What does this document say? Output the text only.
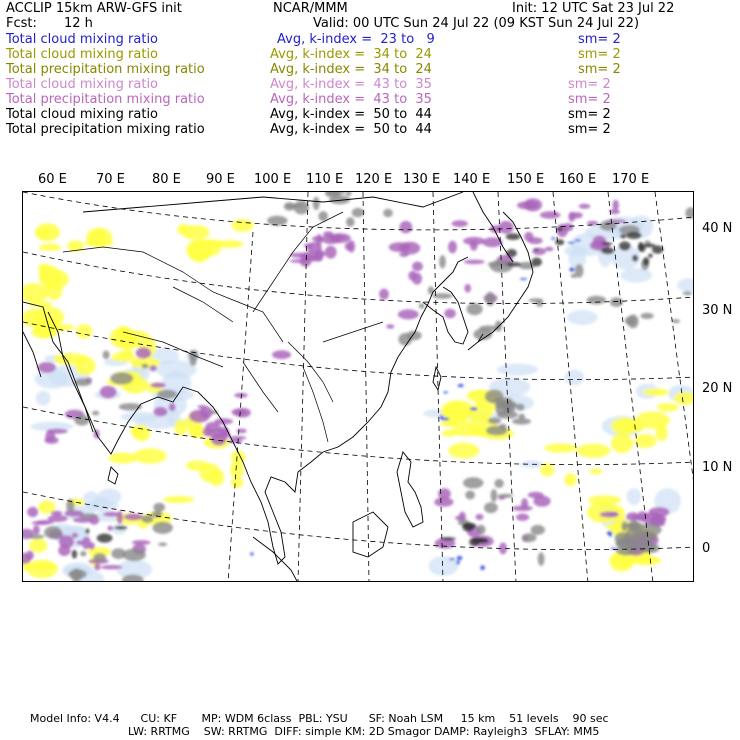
ACCLIP 15km ARW-GFS init	NCAR/MMM	Init: 12 UTC Sat 23 Jul 22
Fcst: 12 h	Valid: 00 UTC Sun 24 Jul 22 (09 KST Sun 24 Jul 22)
Total cloud mixing ratio	Avg, k-index =  23 to   9	sm= 2
Total cloud mixing ratio	Avg, k-index =  34 to  24	sm= 2
Total precipitation mixing ratio	Avg, k-index =  34 to  24	sm= 2
Total cloud mixing ratio	Avg, k-index =  43 to  35	sm= 2
Total precipitation mixing ratio	Avg, k-index =  43 to  35	sm= 2
Total cloud mixing ratio	Avg, k-index =  50 to  44	sm= 2
Total precipitation mixing ratio	Avg, k-index =  50 to  44	sm= 2
60 E 70 E 80 E 90 E 100 E 110 E 120 E 130 E 140 E 150 E 160 E 170 E
40 N
30 N
20 N
10 N
0
Model Info: V4.4      CU: KF       MP: WDM 6class  PBL: YSU      SF: Noah LSM     15 km    51 levels    90 sec
LW: RRTMG    SW: RRTMG  DIFF: simple KM: 2D Smagor DAMP: Rayleigh3  SFLAY: MM5
